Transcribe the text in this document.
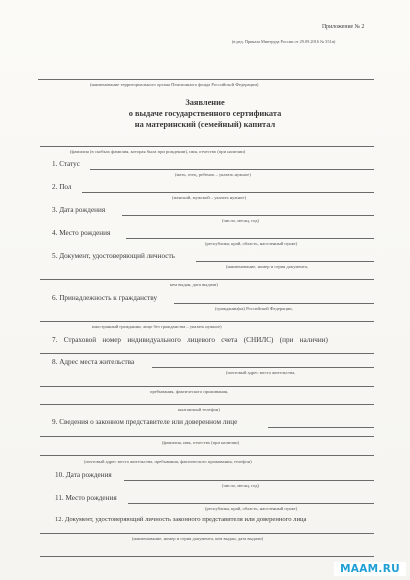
Приложение № 2
(в ред. Приказа Минтруда России от 29.09.2016 № 551н)
(наименование территориального органа Пенсионного фонда Российской Федерации)
Заявление
о выдаче государственного сертификата
на материнский (семейный) капитал
(фамилия (в скобках фамилия, которая была при рождении), имя, отчество (при наличии)
1. Статус
(мать, отец, ребенок – указать нужное)
2. Пол
(женский, мужской – указать нужное)
3. Дата рождения
(число, месяц, год)
4. Место рождения
(республика, край, область, населенный пункт)
5. Документ, удостоверяющий личность
(наименование, номер и серия документа,
кем выдан, дата выдачи)
6. Принадлежность к гражданству
(гражданин(ка) Российской Федерации,
иностранный гражданин, лицо без гражданства – указать нужное)
7. Страховой номер индивидуального лицевого счета (СНИЛС) (при наличии)
8. Адрес места жительства
(почтовый адрес места жительства,
пребывания, фактического проживания,
контактный телефон)
9. Сведения о законном представителе или доверенном лице
(фамилия, имя, отчество (при наличии)
(почтовый адрес места жительства, пребывания, фактического проживания, телефон)
10. Дата рождения
(число, месяц, год)
11. Место рождения
(республика, край, область, населенный пункт)
12. Документ, удостоверяющий личность законного представителя или доверенного лица
(наименование, номер и серия документа, кем выдан, дата выдачи)
MAAM.RU
